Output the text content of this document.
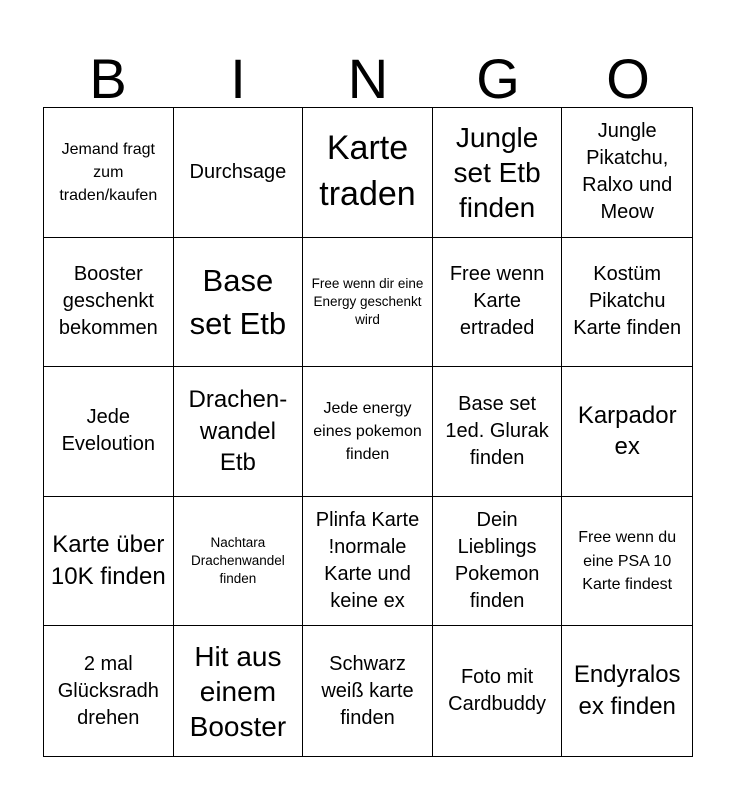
B	I	N	G	O
Jemand fragt zum traden/kaufen
Durchsage
Karte traden
Jungle set Etb finden
Jungle Pikatchu, Ralxo und Meow
Booster geschenkt bekommen
Base set Etb
Free wenn dir eine Energy geschenkt wird
Free wenn Karte ertraded
Kostüm Pikatchu Karte finden
Jede Eveloution
Drachen-wandel Etb
Jede energy eines pokemon finden
Base set 1ed. Glurak finden
Karpador ex
Karte über 10K finden
Nachtara Drachenwandel finden
Plinfa Karte !normale Karte und keine ex
Dein Lieblings Pokemon finden
Free wenn du eine PSA 10 Karte findest
2 mal Glücksradh drehen
Hit aus einem Booster
Schwarz weiß karte finden
Foto mit Cardbuddy
Endyralos ex finden
